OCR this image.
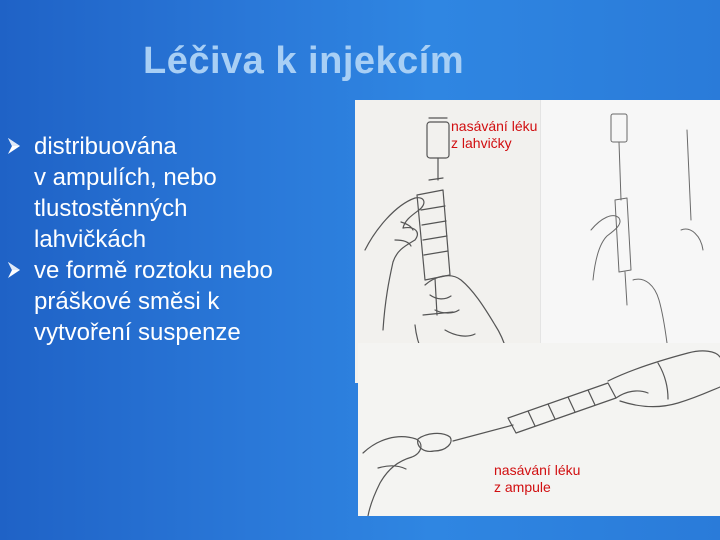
Léčiva k injekcím
distribuována
v ampulích, nebo
tlustostěnných
lahvičkách
ve formě roztoku nebo
práškové směsi k
vytvoření suspenze
nasávání léku
z lahvičky
nasávání léku
z ampule
